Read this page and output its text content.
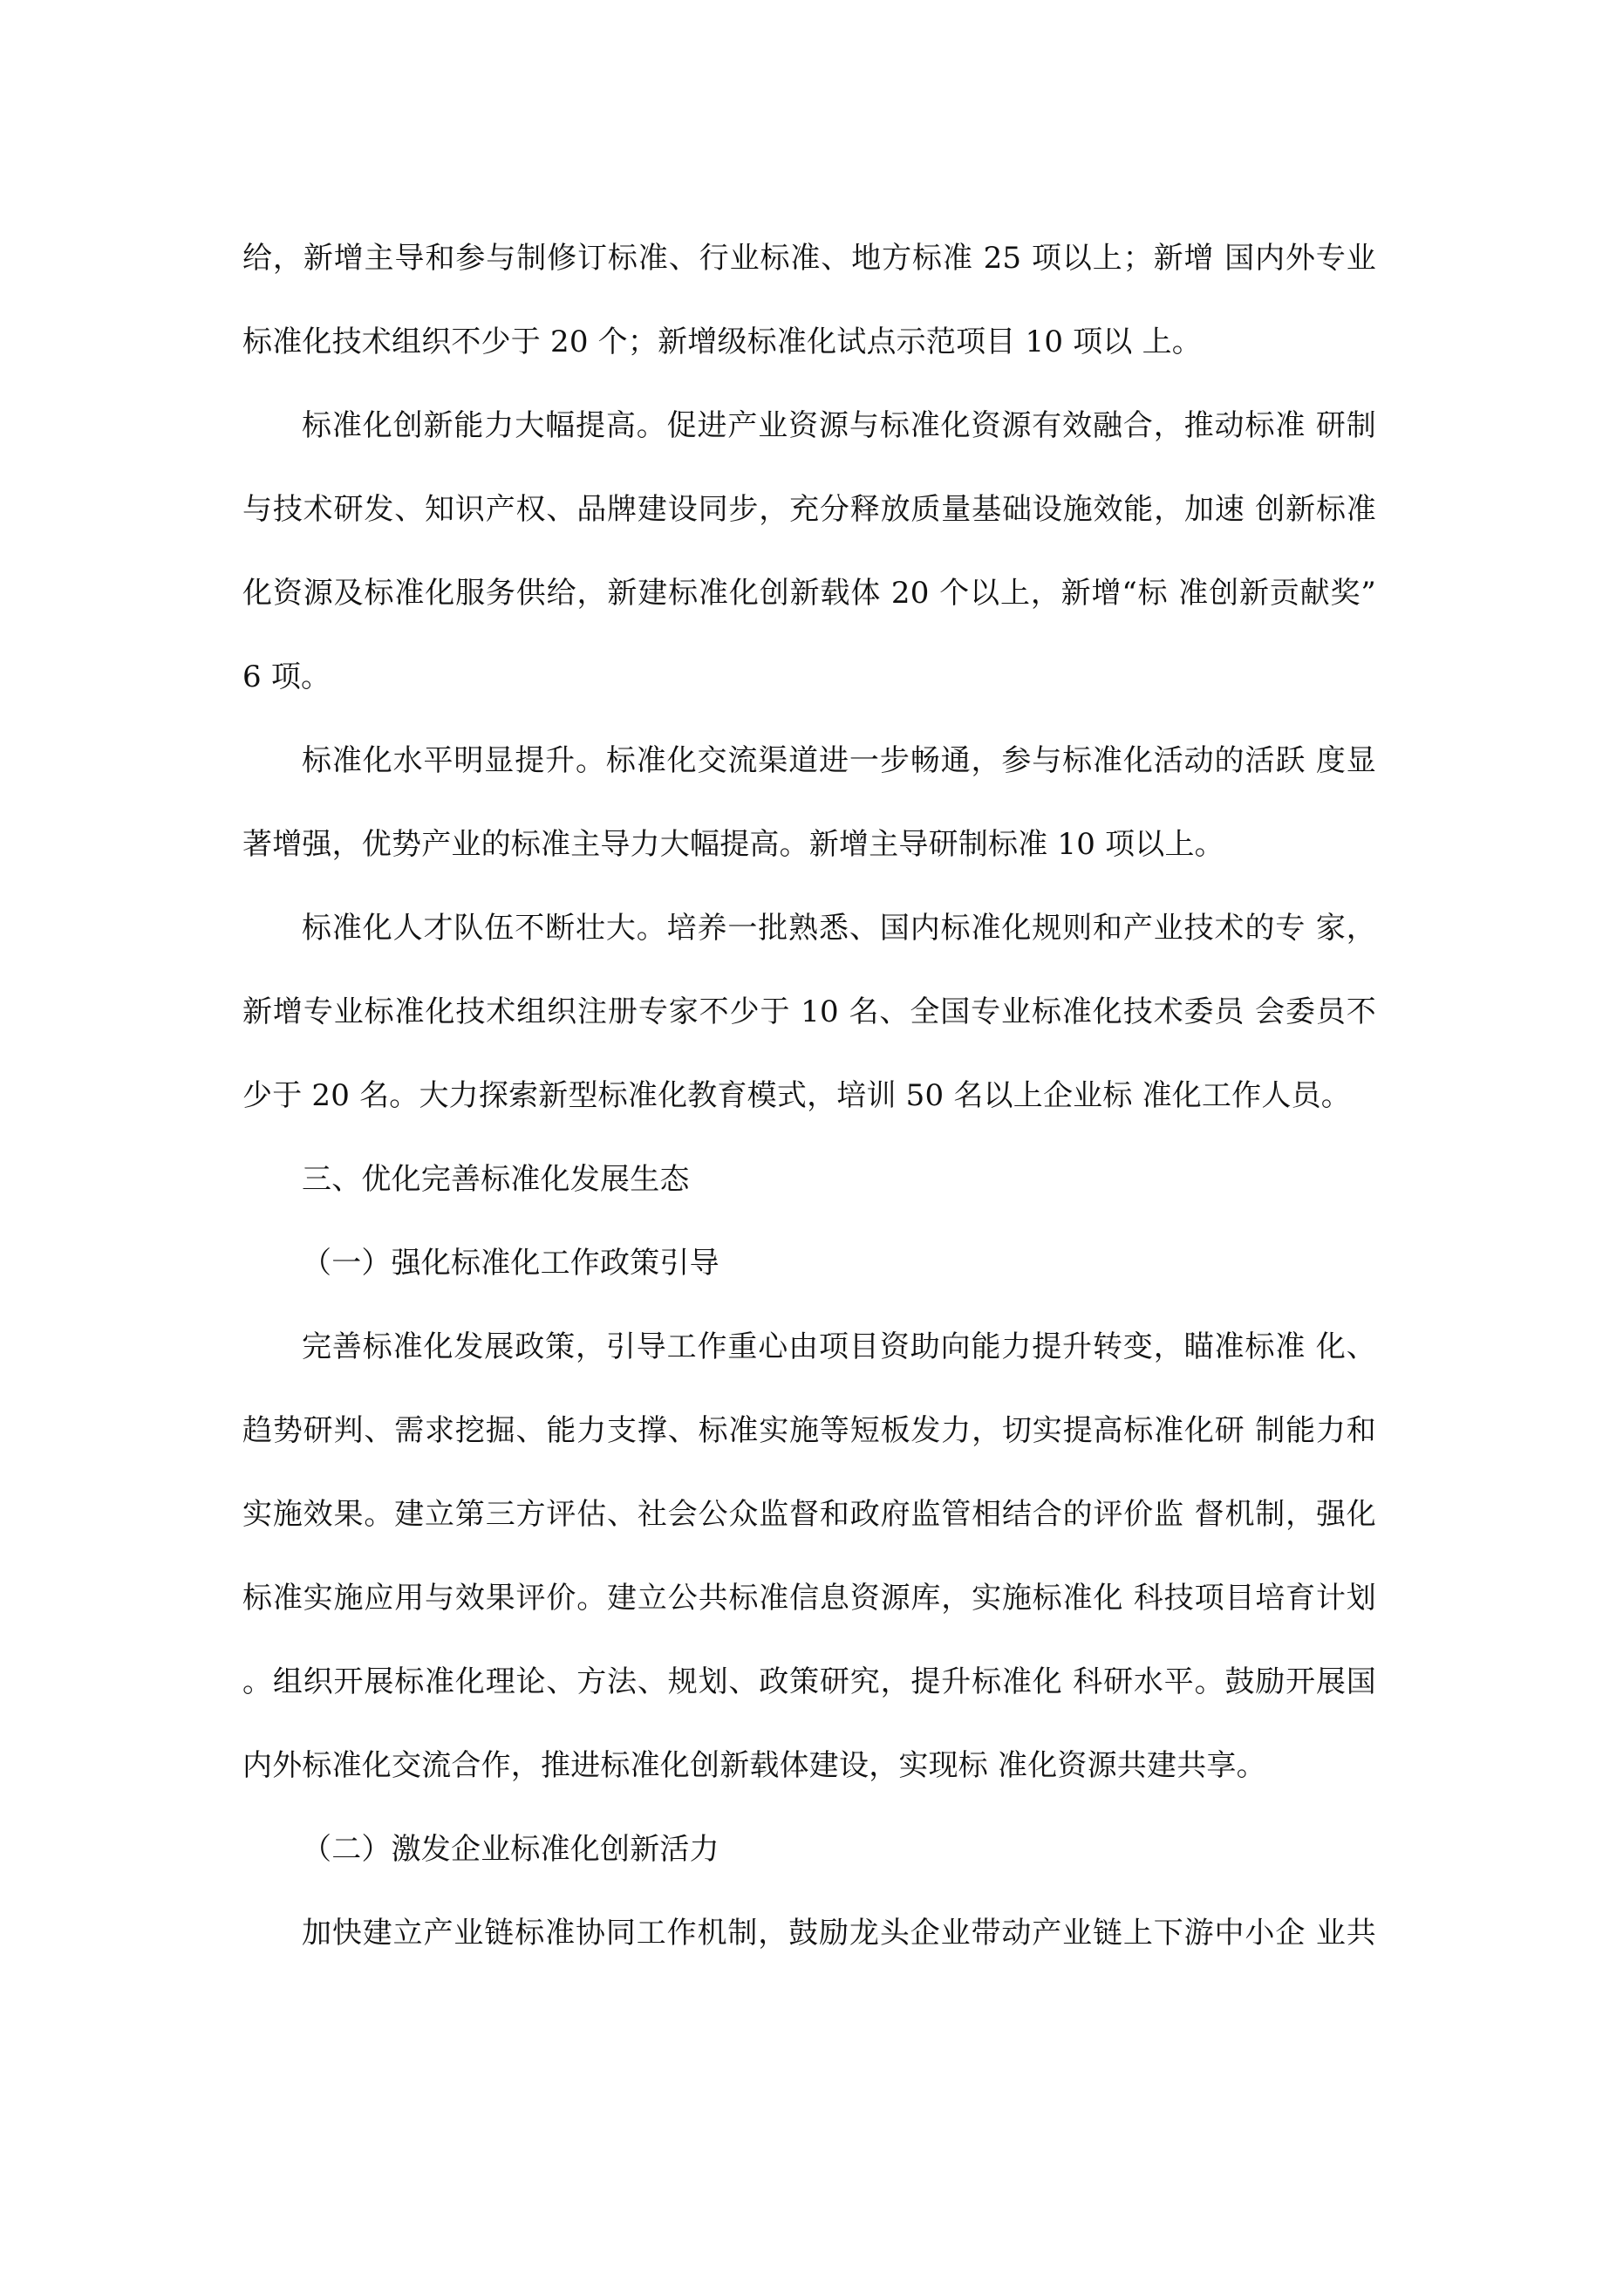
给，新增主导和参与制修订标准、行业标准、地方标准 25 项以上；新增 国内外专业
标准化技术组织不少于 20 个；新增级标准化试点示范项目 10 项以 上。
标准化创新能力大幅提高。促进产业资源与标准化资源有效融合，推动标准 研制
与技术研发、知识产权、品牌建设同步，充分释放质量基础设施效能，加速 创新标准
化资源及标准化服务供给，新建标准化创新载体 20 个以上，新增“标 准创新贡献奖”
6 项。
标准化水平明显提升。标准化交流渠道进一步畅通，参与标准化活动的活跃 度显
著增强，优势产业的标准主导力大幅提高。新增主导研制标准 10 项以上。
标准化人才队伍不断壮大。培养一批熟悉、国内标准化规则和产业技术的专 家，
新增专业标准化技术组织注册专家不少于 10 名、全国专业标准化技术委员 会委员不
少于 20 名。大力探索新型标准化教育模式，培训 50 名以上企业标 准化工作人员。
三、优化完善标准化发展生态
（一）强化标准化工作政策引导
完善标准化发展政策，引导工作重心由项目资助向能力提升转变，瞄准标准 化、
趋势研判、需求挖掘、能力支撑、标准实施等短板发力，切实提高标准化研 制能力和
实施效果。建立第三方评估、社会公众监督和政府监管相结合的评价监 督机制，强化
标准实施应用与效果评价。建立公共标准信息资源库，实施标准化 科技项目培育计划
。组织开展标准化理论、方法、规划、政策研究，提升标准化 科研水平。鼓励开展国
内外标准化交流合作，推进标准化创新载体建设，实现标 准化资源共建共享。
（二）激发企业标准化创新活力
加快建立产业链标准协同工作机制，鼓励龙头企业带动产业链上下游中小企 业共
